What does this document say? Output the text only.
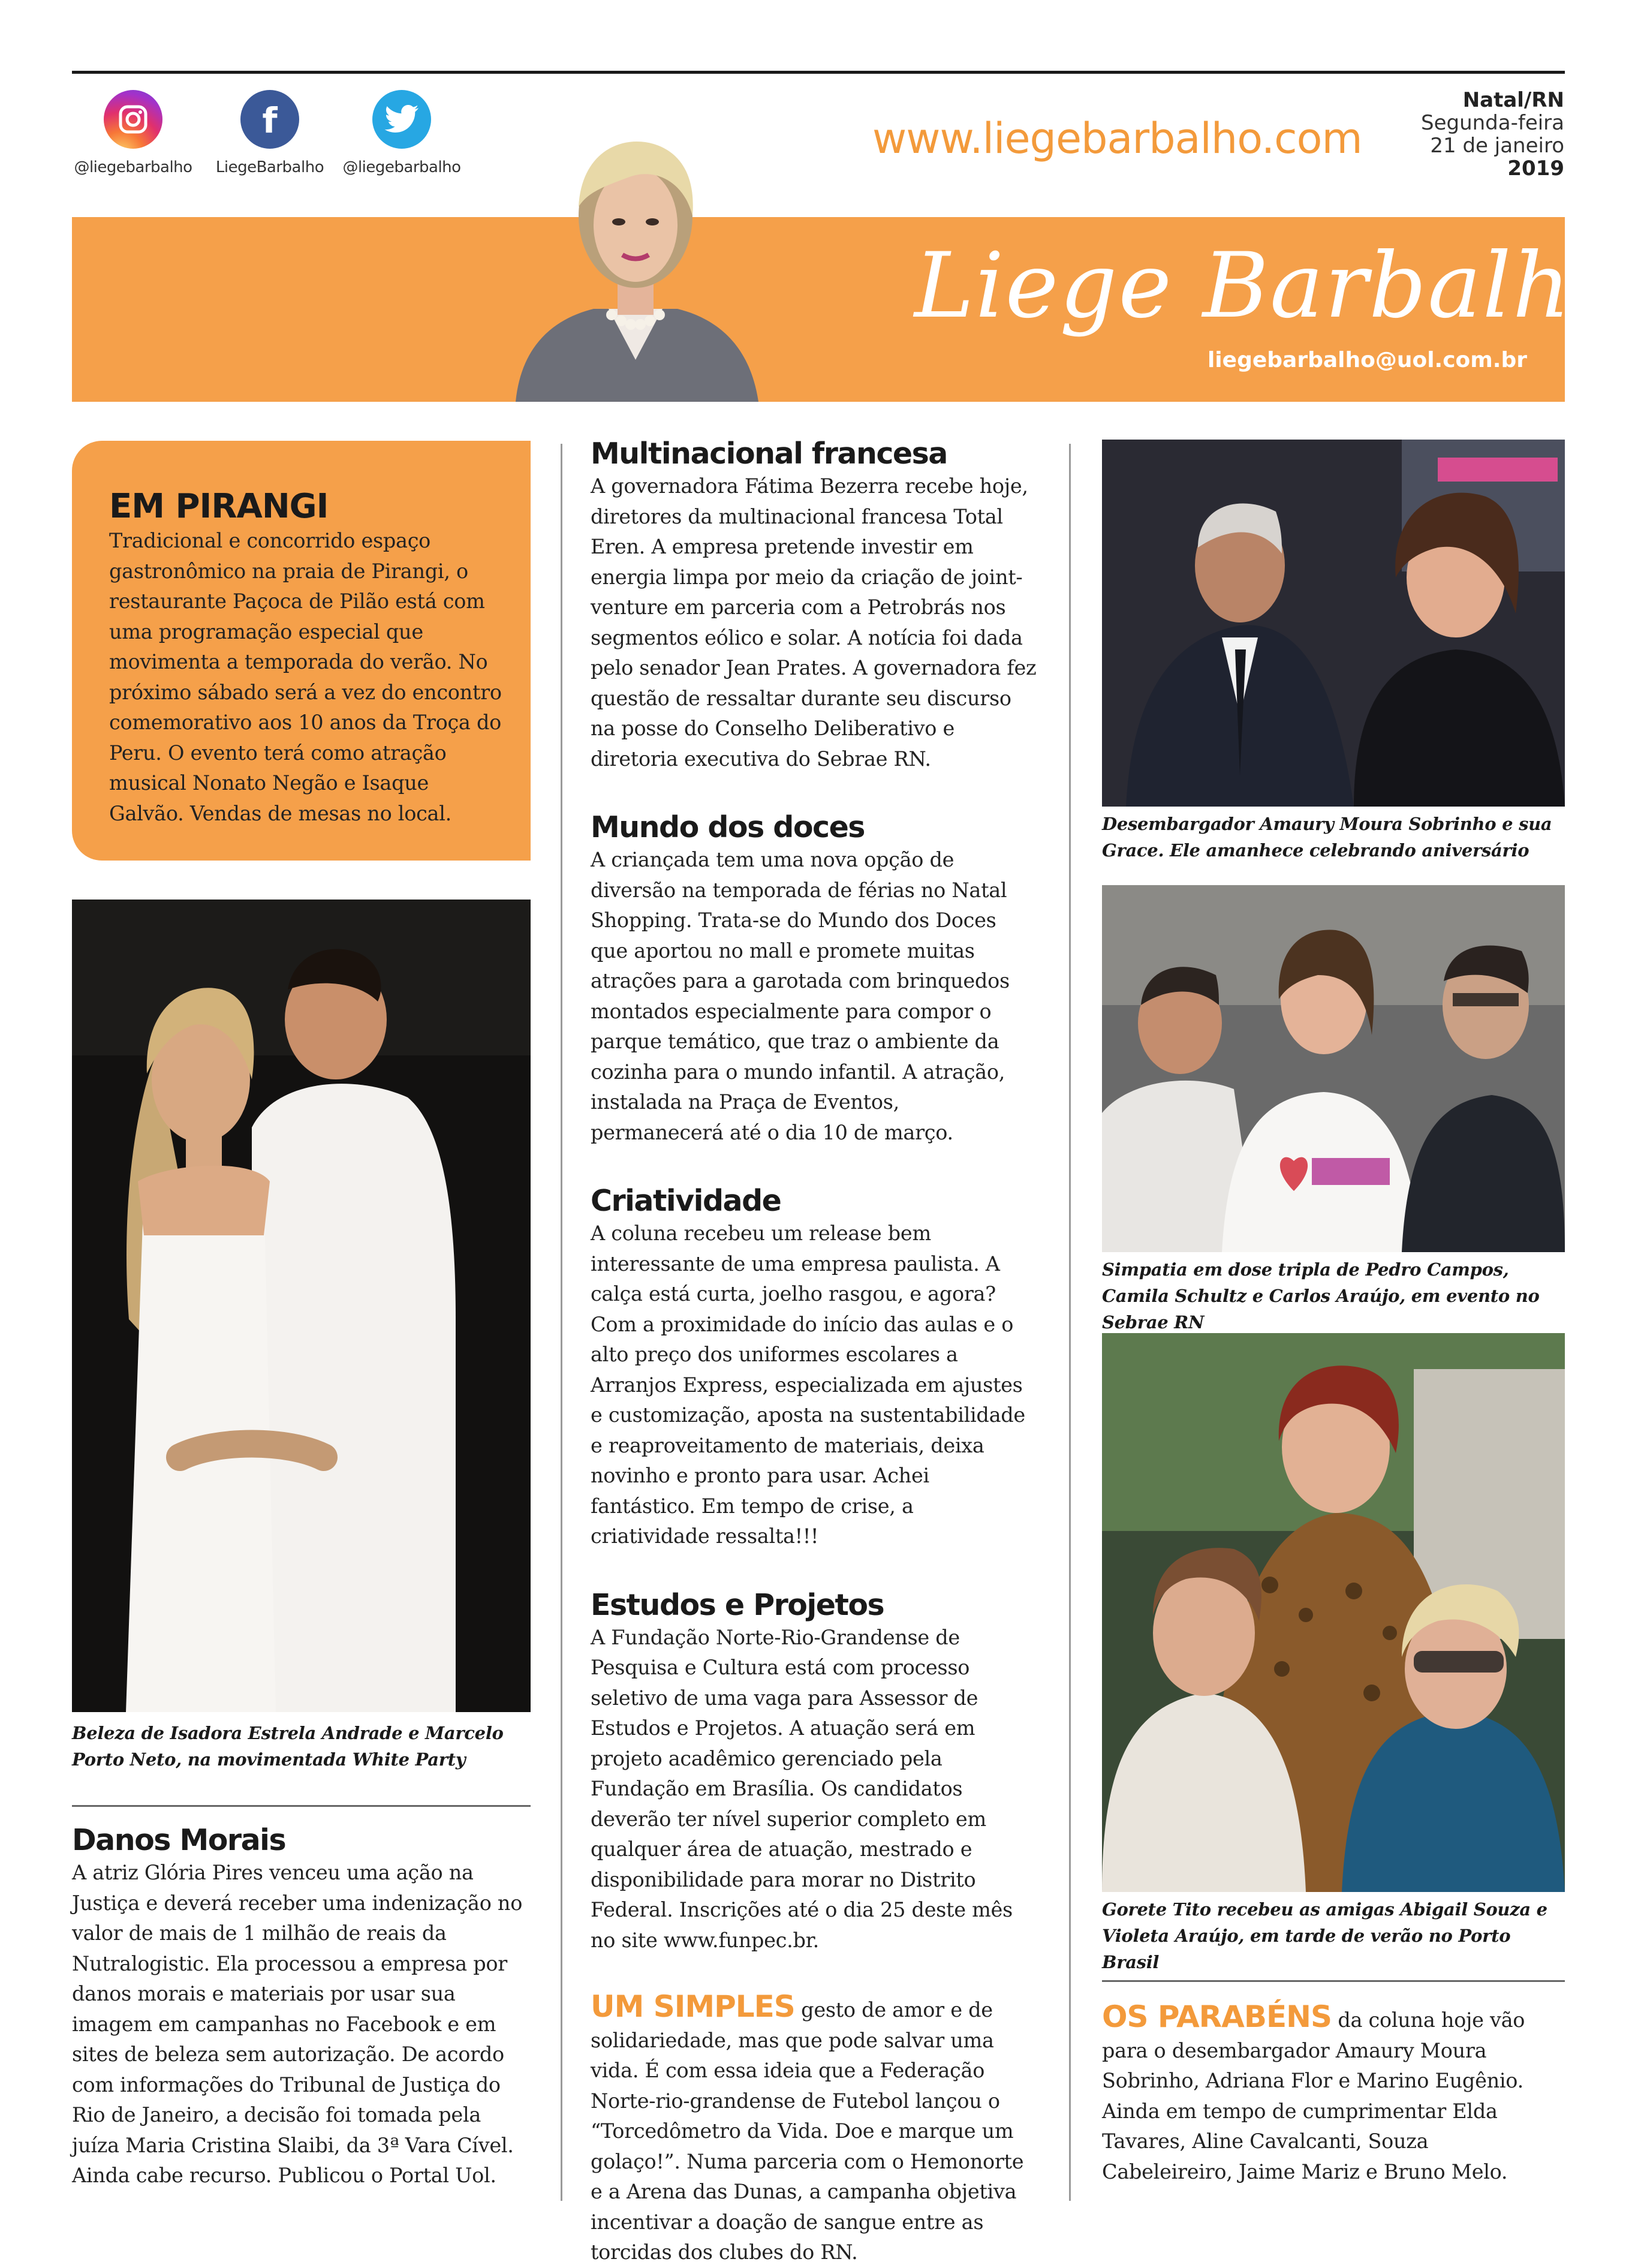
@liegebarbalho
f
LiegeBarbalho	@liegebarbalho
www.liegebarbalho.com
Natal/RN
Segunda-feira
21 de janeiro
2019
Liege Barbalho
liegebarbalho@uol.com.br
EM PIRANGI
Tradicional e concorrido espaço gastronômico na praia de Pirangi, o restaurante Paçoca de Pilão está com uma programação especial que movimenta a temporada do verão. No próximo sábado será a vez do encontro comemorativo aos 10 anos da Troça do Peru. O evento terá como atração musical Nonato Negão e Isaque Galvão. Vendas de mesas no local.
Beleza de Isadora Estrela Andrade e Marcelo Porto Neto, na movimentada White Party
Danos Morais
A atriz Glória Pires venceu uma ação na Justiça e deverá receber uma indenização no valor de mais de 1 milhão de reais da Nutralogistic. Ela processou a empresa por danos morais e materiais por usar sua imagem em campanhas no Facebook e em sites de beleza sem autorização. De acordo com informações do Tribunal de Justiça do Rio de Janeiro, a decisão foi tomada pela juíza Maria Cristina Slaibi, da 3ª Vara Cível. Ainda cabe recurso. Publicou o Portal Uol.
Multinacional francesa
A governadora Fátima Bezerra recebe hoje, diretores da multinacional francesa Total Eren. A empresa pretende investir em energia limpa por meio da criação de joint-venture em parceria com a Petrobrás nos segmentos eólico e solar. A notícia foi dada pelo senador Jean Prates. A governadora fez questão de ressaltar durante seu discurso na posse do Conselho Deliberativo e diretoria executiva do Sebrae RN.
Mundo dos doces
A criançada tem uma nova opção de diversão na temporada de férias no Natal Shopping. Trata-se do Mundo dos Doces que aportou no mall e promete muitas atrações para a garotada com brinquedos montados especialmente para compor o parque temático, que traz o ambiente da cozinha para o mundo infantil. A atração, instalada na Praça de Eventos, permanecerá até o dia 10 de março.
Criatividade
A coluna recebeu um release bem interessante de uma empresa paulista. A calça está curta, joelho rasgou, e agora? Com a proximidade do início das aulas e o alto preço dos uniformes escolares a Arranjos Express, especializada em ajustes e customização, aposta na sustentabilidade e reaproveitamento de materiais, deixa novinho e pronto para usar. Achei fantástico. Em tempo de crise, a criatividade ressalta!!!
Estudos e Projetos
A Fundação Norte-Rio-Grandense de Pesquisa e Cultura está com processo seletivo de uma vaga para Assessor de Estudos e Projetos. A atuação será em projeto acadêmico gerenciado pela Fundação em Brasília. Os candidatos deverão ter nível superior completo em qualquer área de atuação, mestrado e disponibilidade para morar no Distrito Federal. Inscrições até o dia 25 deste mês no site www.funpec.br.
UM SIMPLES gesto de amor e de solidariedade, mas que pode salvar uma vida. É com essa ideia que a Federação Norte-rio-grandense de Futebol lançou o “Torcedômetro da Vida. Doe e marque um golaço!”. Numa parceria com o Hemonorte e a Arena das Dunas, a campanha objetiva incentivar a doação de sangue entre as torcidas dos clubes do RN.
Desembargador Amaury Moura Sobrinho e sua Grace. Ele amanhece celebrando aniversário
Simpatia em dose tripla de Pedro Campos, Camila Schultz e Carlos Araújo, em evento no Sebrae RN
Gorete Tito recebeu as amigas Abigail Souza e Violeta Araújo, em tarde de verão no Porto Brasil
OS PARABÉNS da coluna hoje vão para o desembargador Amaury Moura Sobrinho, Adriana Flor e Marino Eugênio. Ainda em tempo de cumprimentar Elda Tavares, Aline Cavalcanti, Souza Cabeleireiro, Jaime Mariz e Bruno Melo.
